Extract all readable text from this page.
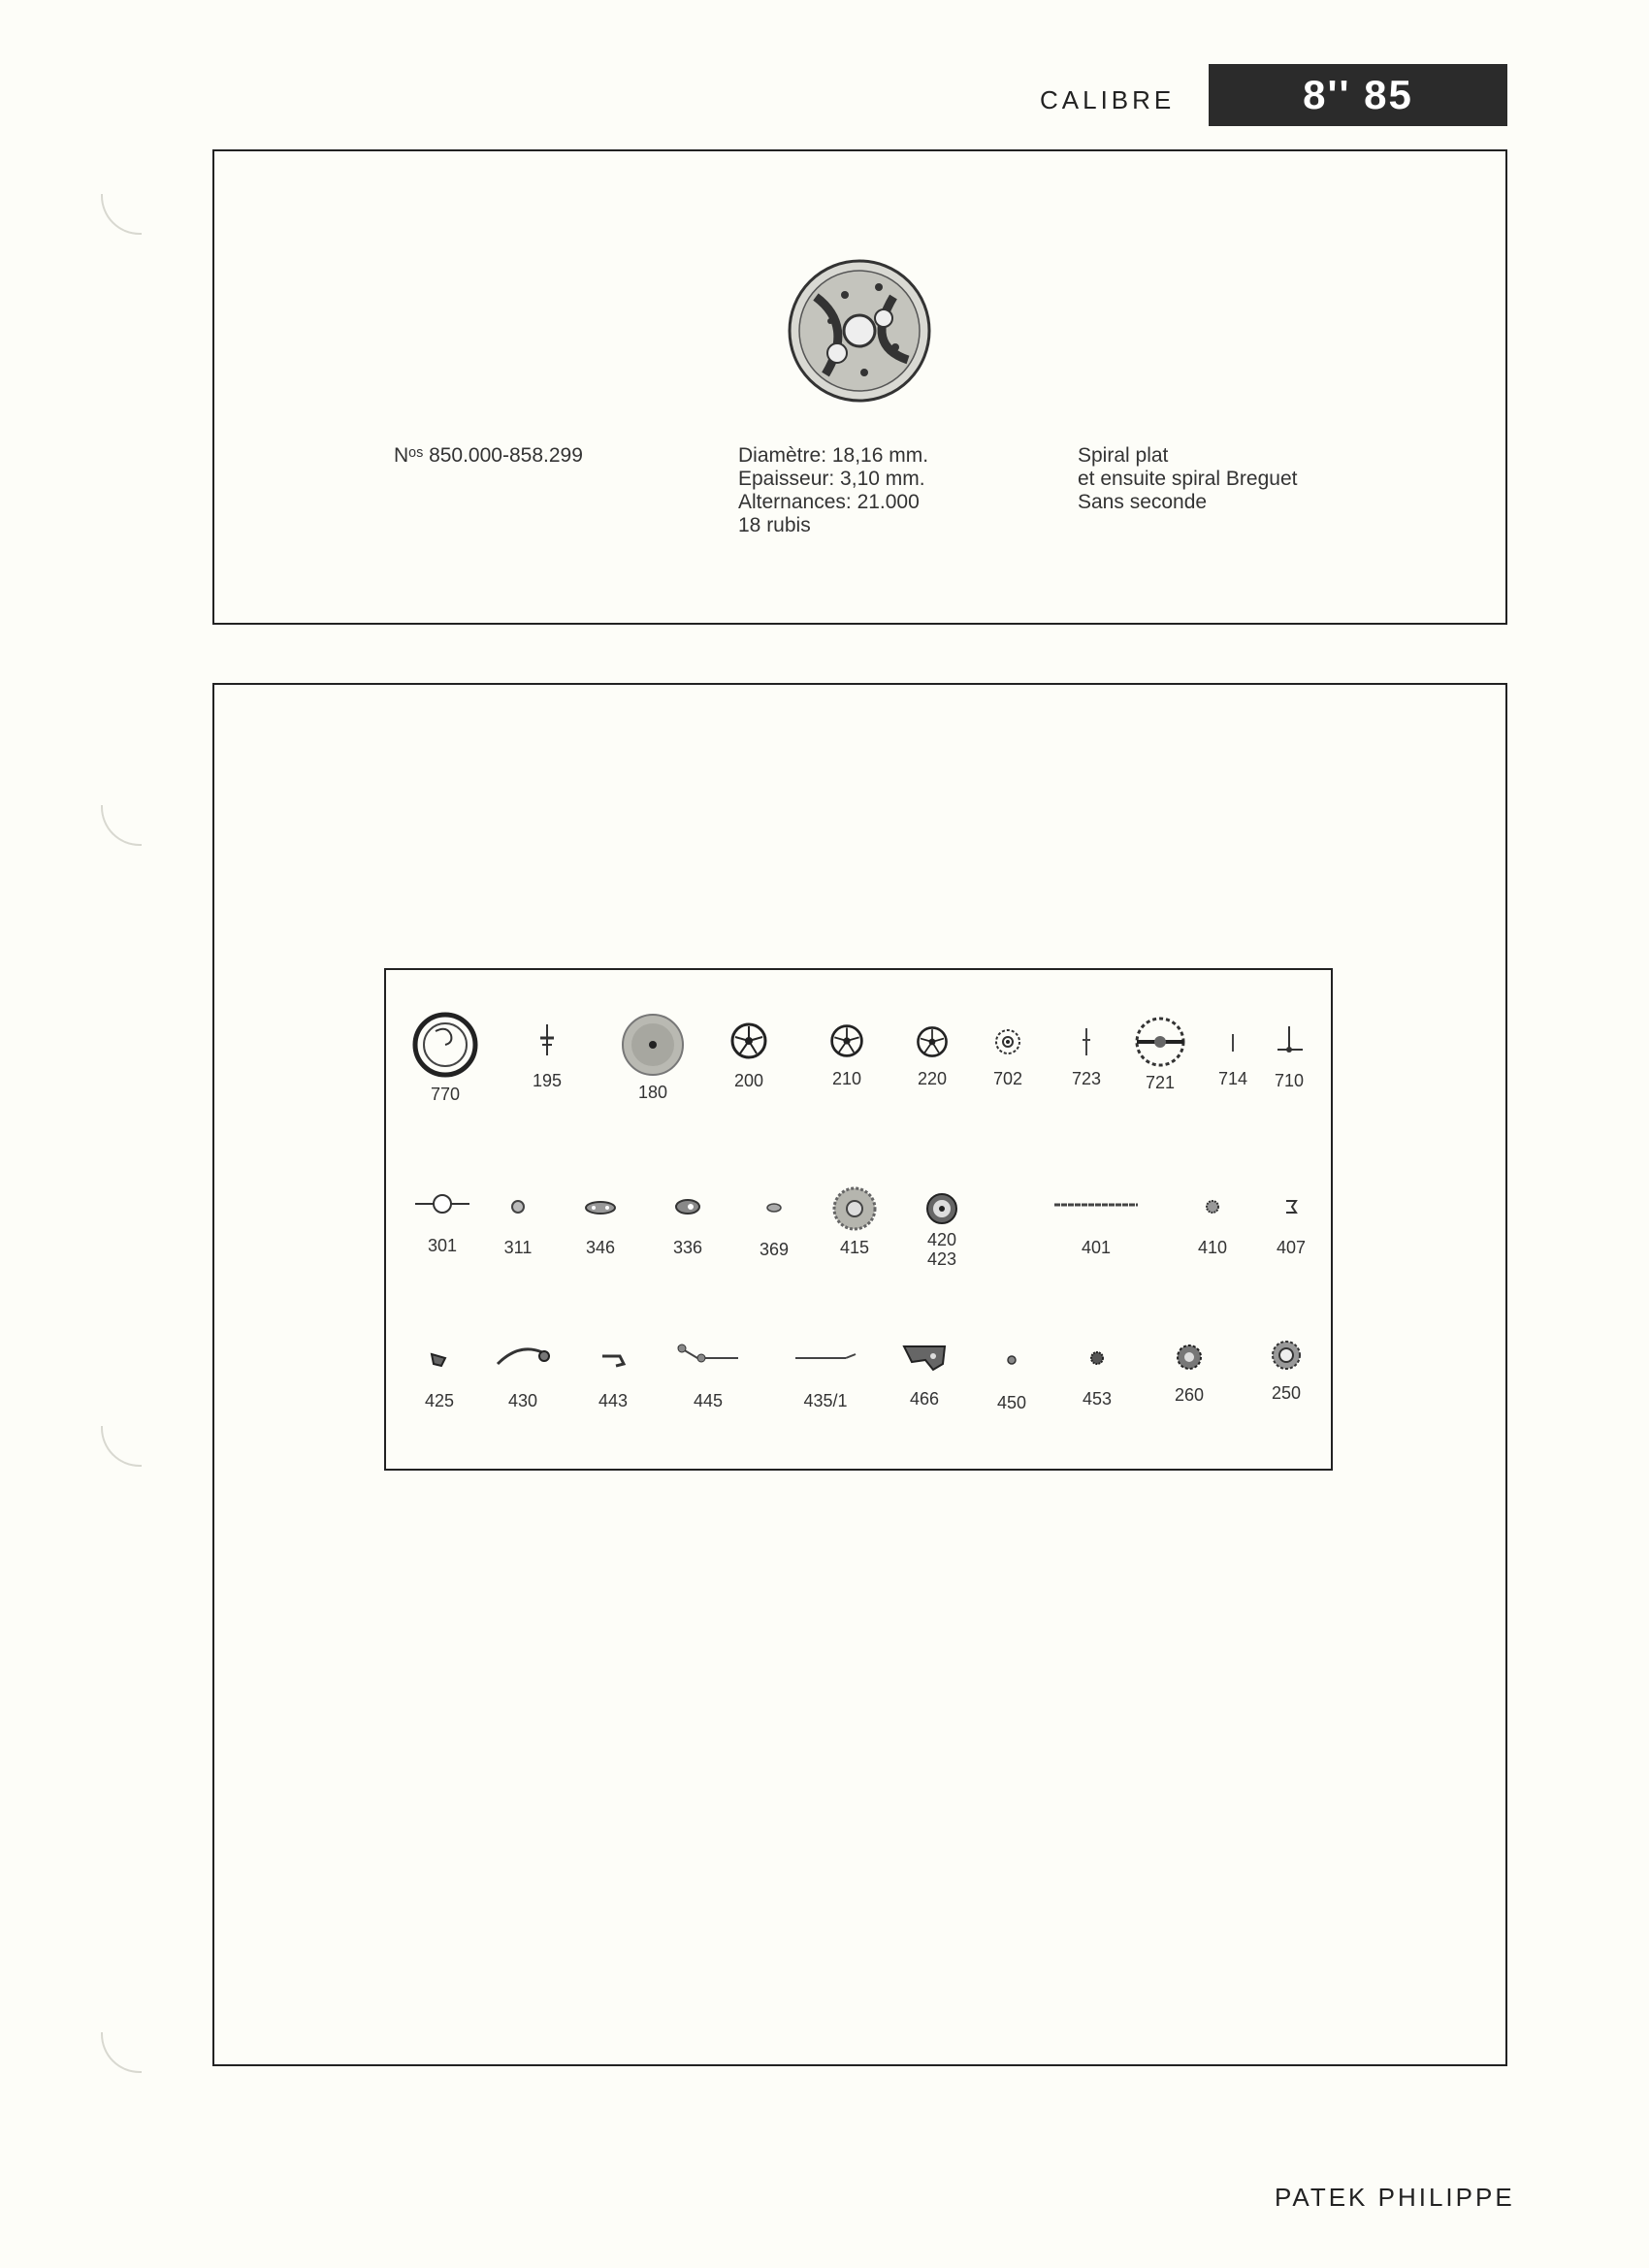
CALIBRE	8'' 85
Nᵒˢ 850.000-858.299	Diamètre: 18,16 mm.
Epaisseur: 3,10 mm.
Alternances: 21.000
18 rubis
Spiral plat
et ensuite spiral Breguet
Sans seconde
770
195
180
200	210	220	702	723	721	714	710
301	311	346	336	369	415	420
423
401	410	407
425	430	443	445	435/1	466	450	453	260	250
PATEK PHILIPPE
